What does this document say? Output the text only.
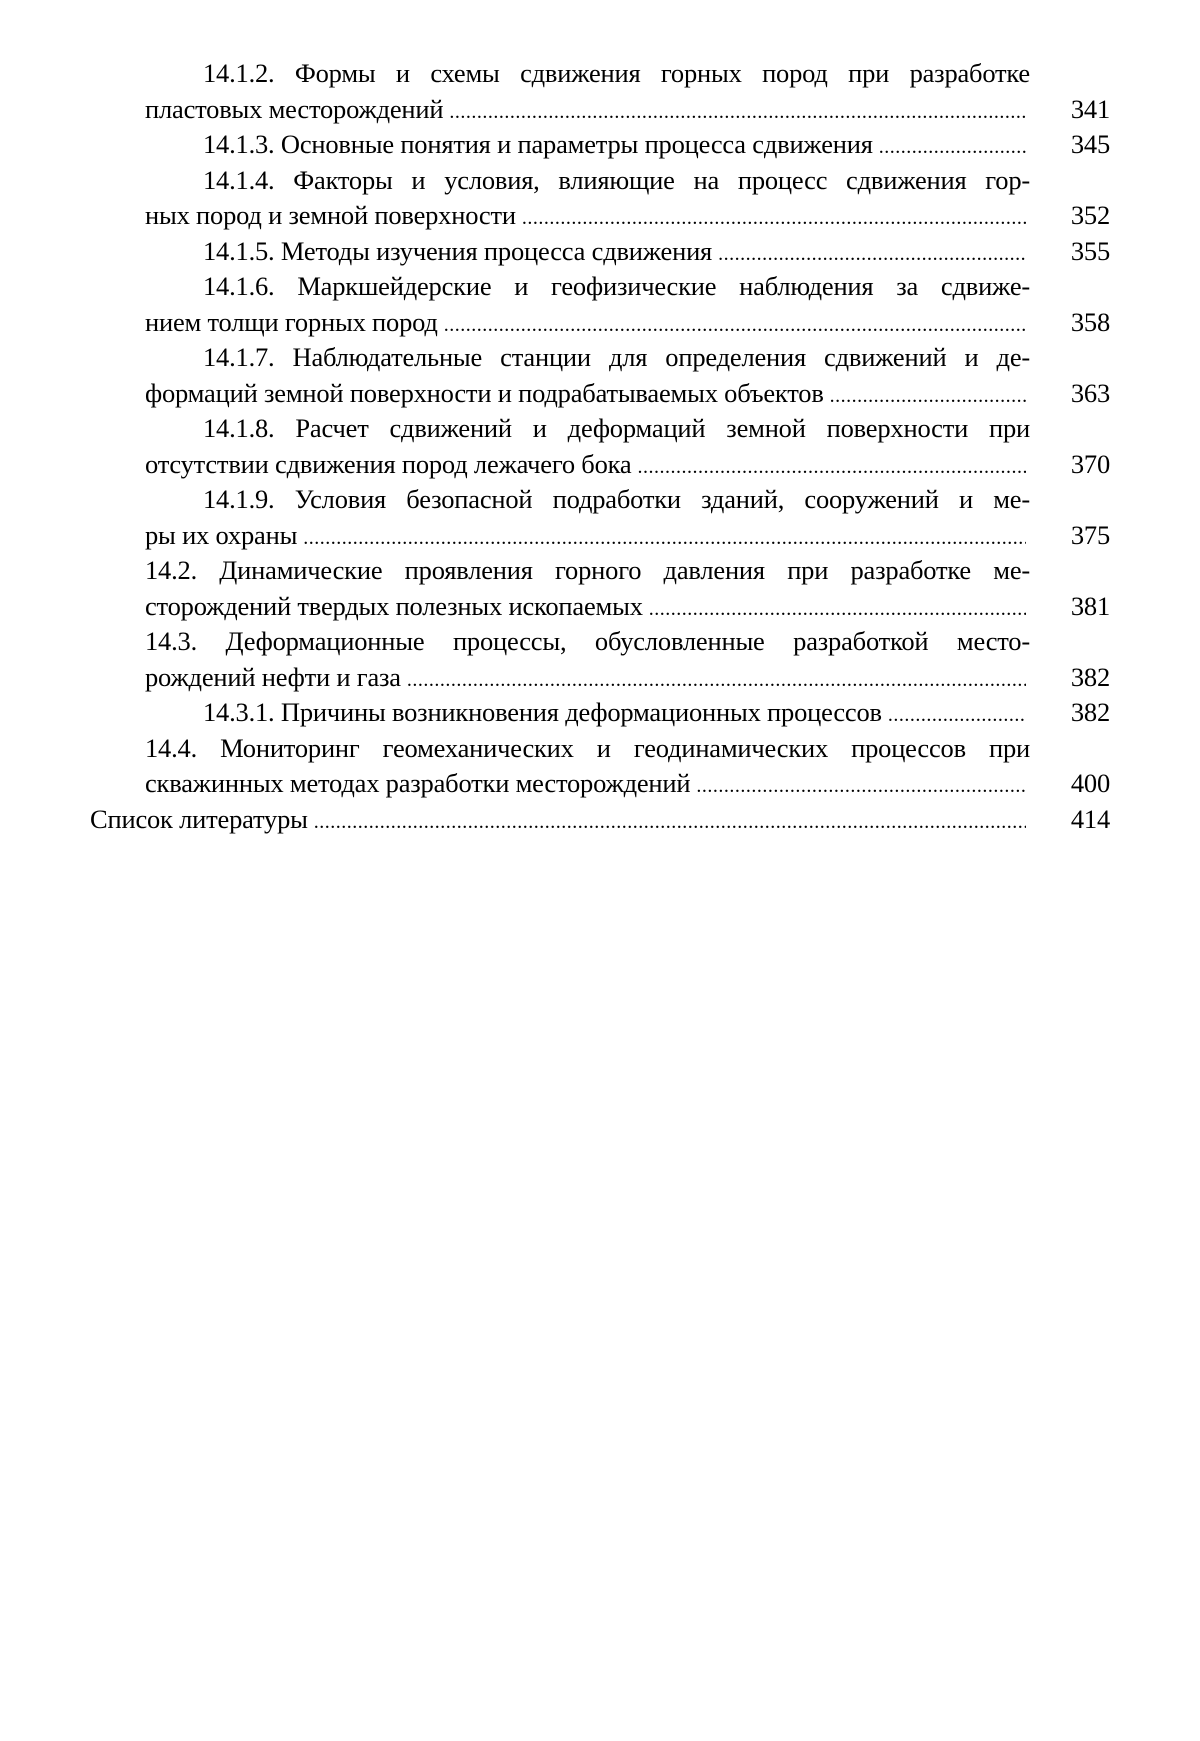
14.1.2. Формы и схемы сдвижения горных пород при разработке
пластовых месторождений .....	341
14.1.3. Основные понятия и параметры процесса сдвижения .....	345
14.1.4. Факторы и условия, влияющие на процесс сдвижения гор-
ных пород и земной поверхности .....	352
14.1.5. Методы изучения процесса сдвижения .....	355
14.1.6. Маркшейдерские и геофизические наблюдения за сдвиже-
нием толщи горных пород .....	358
14.1.7. Наблюдательные станции для определения сдвижений и де-
формаций земной поверхности и подрабатываемых объектов .....	363
14.1.8. Расчет сдвижений и деформаций земной поверхности при
отсутствии сдвижения пород лежачего бока .....	370
14.1.9. Условия безопасной подработки зданий, сооружений и ме-
ры их охраны .....	375
14.2. Динамические проявления горного давления при разработке ме-
сторождений твердых полезных ископаемых .....	381
14.3. Деформационные процессы, обусловленные разработкой место-
рождений нефти и газа .....	382
14.3.1. Причины возникновения деформационных процессов .....	382
14.4. Мониторинг геомеханических и геодинамических процессов при
скважинных методах разработки месторождений .....	400
Список литературы .....	414
